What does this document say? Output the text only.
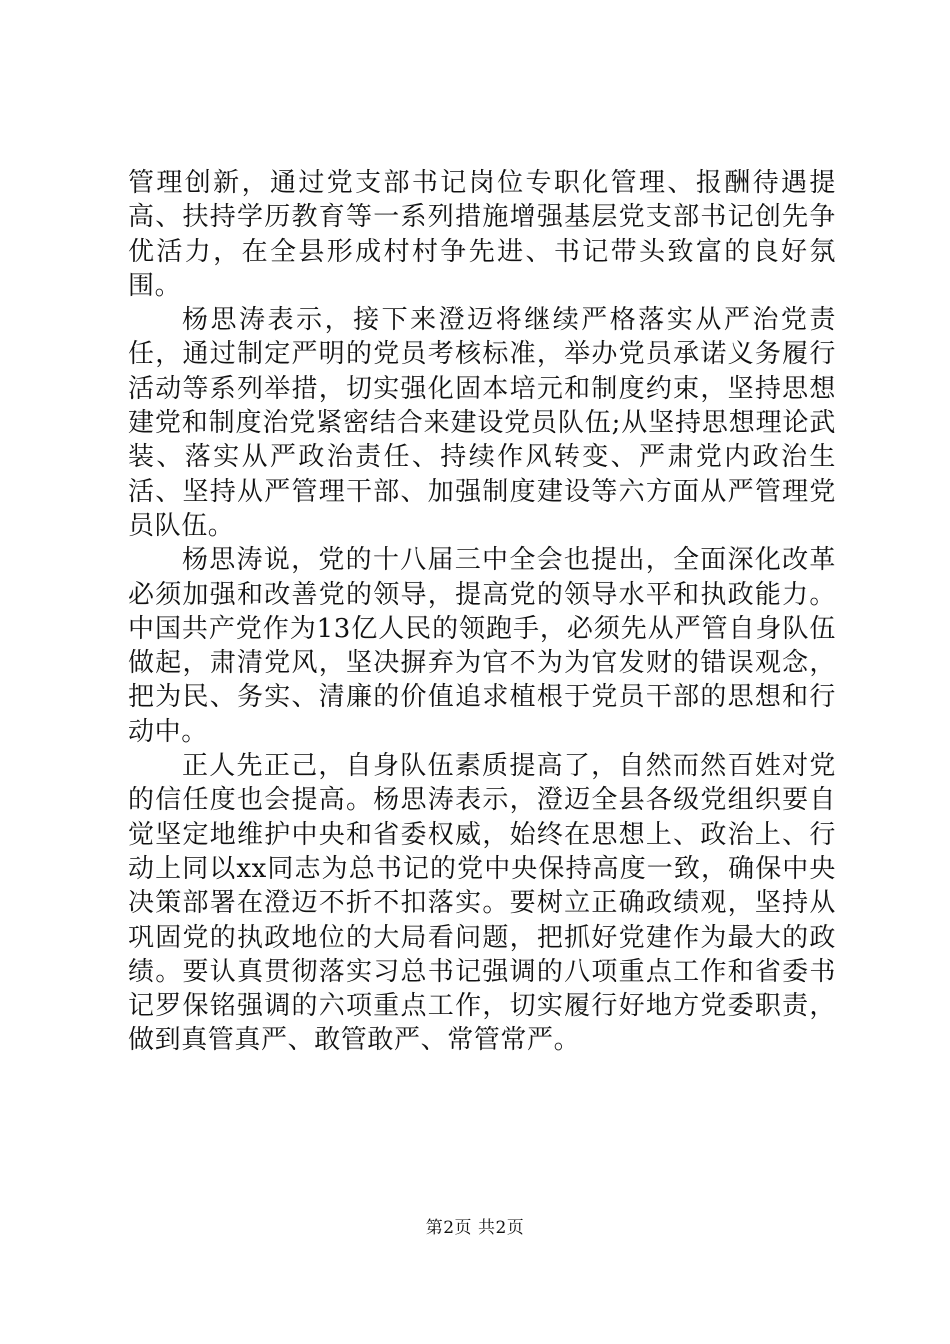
管理创新，通过党支部书记岗位专职化管理、报酬待遇提高、扶持学历教育等一系列措施增强基层党支部书记创先争优活力，在全县形成村村争先进、书记带头致富的良好氛围。

杨思涛表示，接下来澄迈将继续严格落实从严治党责任，通过制定严明的党员考核标准，举办党员承诺义务履行活动等系列举措，切实强化固本培元和制度约束，坚持思想建党和制度治党紧密结合来建设党员队伍;从坚持思想理论武装、落实从严政治责任、持续作风转变、严肃党内政治生活、坚持从严管理干部、加强制度建设等六方面从严管理党员队伍。

杨思涛说，党的十八届三中全会也提出，全面深化改革必须加强和改善党的领导，提高党的领导水平和执政能力。中国共产党作为13亿人民的领跑手，必须先从严管自身队伍做起，肃清党风，坚决摒弃为官不为为官发财的错误观念，把为民、务实、清廉的价值追求植根于党员干部的思想和行动中。

正人先正己，自身队伍素质提高了，自然而然百姓对党的信任度也会提高。杨思涛表示，澄迈全县各级党组织要自觉坚定地维护中央和省委权威，始终在思想上、政治上、行动上同以xx同志为总书记的党中央保持高度一致，确保中央决策部署在澄迈不折不扣落实。要树立正确政绩观，坚持从巩固党的执政地位的大局看问题，把抓好党建作为最大的政绩。要认真贯彻落实习总书记强调的八项重点工作和省委书记罗保铭强调的六项重点工作，切实履行好地方党委职责，做到真管真严、敢管敢严、常管常严。

第2页 共2页
